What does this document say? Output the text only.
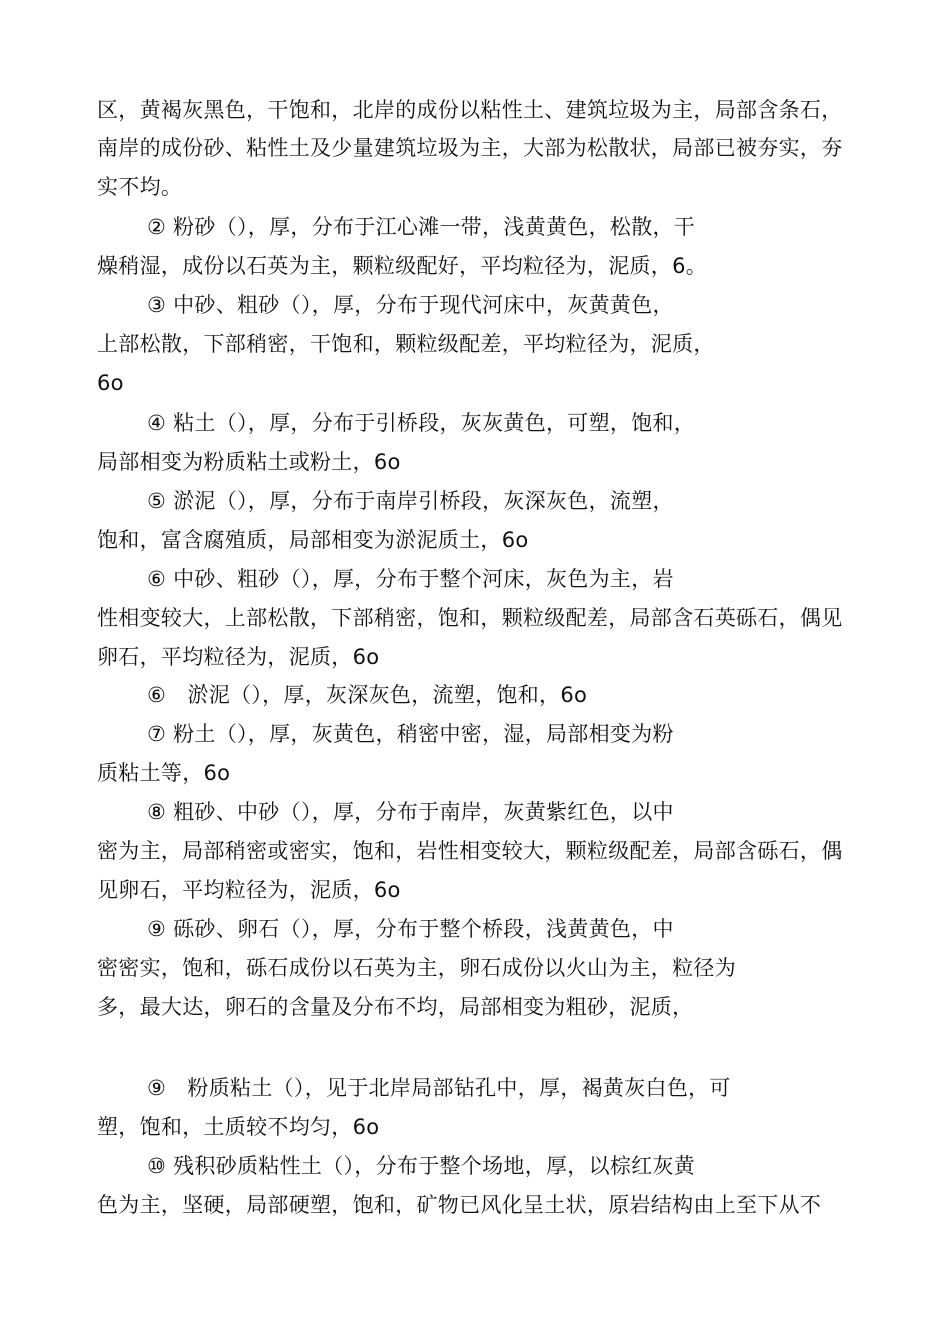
区，黄褐灰黑色，干饱和，北岸的成份以粘性土、建筑垃圾为主，局部含条石，
南岸的成份砂、粘性土及少量建筑垃圾为主，大部为松散状，局部已被夯实，夯
实不均。
② 粉砂（），厚，分布于江心滩一带，浅黄黄色，松散，干
燥稍湿，成份以石英为主，颗粒级配好，平均粒径为，泥质，6。
③ 中砂、粗砂（），厚，分布于现代河床中，灰黄黄色，
上部松散，下部稍密，干饱和，颗粒级配差，平均粒径为，泥质，
6o
④ 粘土（），厚，分布于引桥段，灰灰黄色，可塑，饱和，
局部相变为粉质粘土或粉土，6o
⑤ 淤泥（），厚，分布于南岸引桥段，灰深灰色，流塑，
饱和，富含腐殖质，局部相变为淤泥质土，6o
⑥ 中砂、粗砂（），厚，分布于整个河床，灰色为主，岩
性相变较大，上部松散，下部稍密，饱和，颗粒级配差，局部含石英砾石，偶见
卵石，平均粒径为，泥质，6o
⑥　淤泥（），厚，灰深灰色，流塑，饱和，6o
⑦ 粉土（），厚，灰黄色，稍密中密，湿，局部相变为粉
质粘土等，6o
⑧ 粗砂、中砂（），厚，分布于南岸，灰黄紫红色，以中
密为主，局部稍密或密实，饱和，岩性相变较大，颗粒级配差，局部含砾石，偶
见卵石，平均粒径为，泥质，6o
⑨ 砾砂、卵石（），厚，分布于整个桥段，浅黄黄色，中
密密实，饱和，砾石成份以石英为主，卵石成份以火山为主，粒径为
多，最大达，卵石的含量及分布不均，局部相变为粗砂，泥质，
⑨　粉质粘土（），见于北岸局部钻孔中，厚，褐黄灰白色，可
塑，饱和，土质较不均匀，6o
⑩ 残积砂质粘性土（），分布于整个场地，厚，以棕红灰黄
色为主，坚硬，局部硬塑，饱和，矿物已风化呈土状，原岩结构由上至下从不
